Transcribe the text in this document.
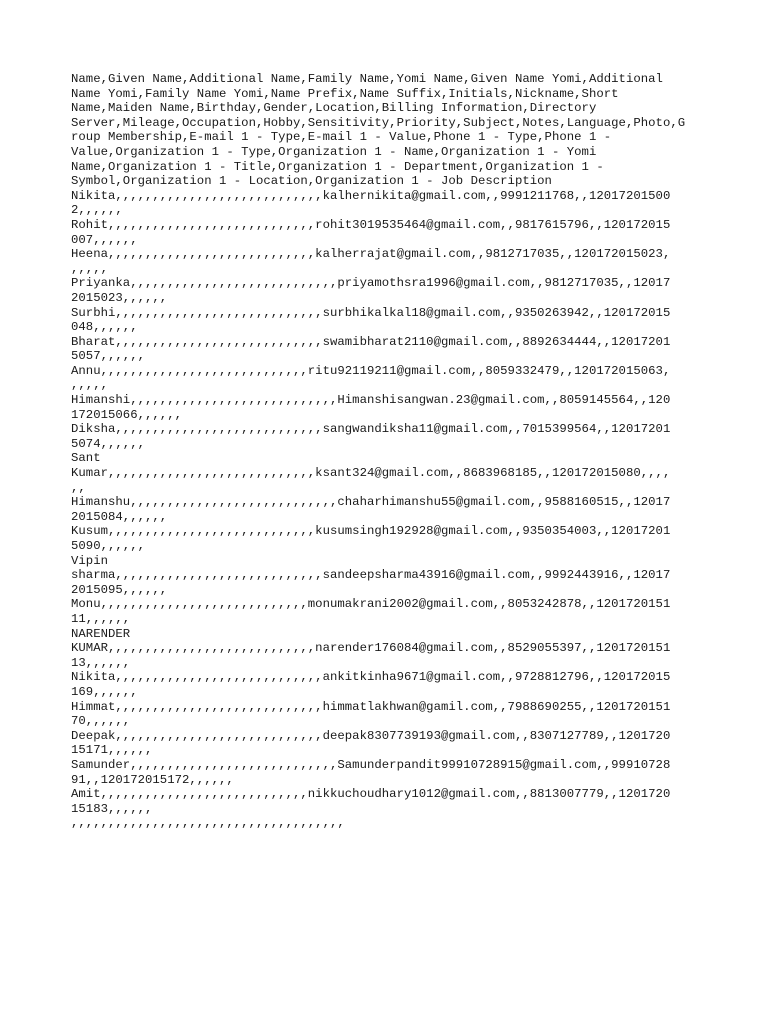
Name,Given Name,Additional Name,Family Name,Yomi Name,Given Name Yomi,Additional
Name Yomi,Family Name Yomi,Name Prefix,Name Suffix,Initials,Nickname,Short
Name,Maiden Name,Birthday,Gender,Location,Billing Information,Directory
Server,Mileage,Occupation,Hobby,Sensitivity,Priority,Subject,Notes,Language,Photo,G
roup Membership,E-mail 1 - Type,E-mail 1 - Value,Phone 1 - Type,Phone 1 -
Value,Organization 1 - Type,Organization 1 - Name,Organization 1 - Yomi
Name,Organization 1 - Title,Organization 1 - Department,Organization 1 -
Symbol,Organization 1 - Location,Organization 1 - Job Description
Nikita,,,,,,,,,,,,,,,,,,,,,,,,,,,,kalhernikita@gmail.com,,9991211768,,12017201500
2,,,,,,
Rohit,,,,,,,,,,,,,,,,,,,,,,,,,,,,rohit3019535464@gmail.com,,9817615796,,120172015
007,,,,,,
Heena,,,,,,,,,,,,,,,,,,,,,,,,,,,,kalherrajat@gmail.com,,9812717035,,120172015023,
,,,,,
Priyanka,,,,,,,,,,,,,,,,,,,,,,,,,,,,priyamothsra1996@gmail.com,,9812717035,,12017
2015023,,,,,,
Surbhi,,,,,,,,,,,,,,,,,,,,,,,,,,,,surbhikalkal18@gmail.com,,9350263942,,120172015
048,,,,,,
Bharat,,,,,,,,,,,,,,,,,,,,,,,,,,,,swamibharat2110@gmail.com,,8892634444,,12017201
5057,,,,,,
Annu,,,,,,,,,,,,,,,,,,,,,,,,,,,,ritu92119211@gmail.com,,8059332479,,120172015063,
,,,,,
Himanshi,,,,,,,,,,,,,,,,,,,,,,,,,,,,Himanshisangwan.23@gmail.com,,8059145564,,120
172015066,,,,,,
Diksha,,,,,,,,,,,,,,,,,,,,,,,,,,,,sangwandiksha11@gmail.com,,7015399564,,12017201
5074,,,,,,
Sant
Kumar,,,,,,,,,,,,,,,,,,,,,,,,,,,,ksant324@gmail.com,,8683968185,,120172015080,,,,
,,
Himanshu,,,,,,,,,,,,,,,,,,,,,,,,,,,,chaharhimanshu55@gmail.com,,9588160515,,12017
2015084,,,,,,
Kusum,,,,,,,,,,,,,,,,,,,,,,,,,,,,kusumsingh192928@gmail.com,,9350354003,,12017201
5090,,,,,,
Vipin
sharma,,,,,,,,,,,,,,,,,,,,,,,,,,,,sandeepsharma43916@gmail.com,,9992443916,,12017
2015095,,,,,,
Monu,,,,,,,,,,,,,,,,,,,,,,,,,,,,monumakrani2002@gmail.com,,8053242878,,1201720151
11,,,,,,
NARENDER
KUMAR,,,,,,,,,,,,,,,,,,,,,,,,,,,,narender176084@gmail.com,,8529055397,,1201720151
13,,,,,,
Nikita,,,,,,,,,,,,,,,,,,,,,,,,,,,,ankitkinha9671@gmail.com,,9728812796,,120172015
169,,,,,,
Himmat,,,,,,,,,,,,,,,,,,,,,,,,,,,,himmatlakhwan@gamil.com,,7988690255,,1201720151
70,,,,,,
Deepak,,,,,,,,,,,,,,,,,,,,,,,,,,,,deepak8307739193@gmail.com,,8307127789,,1201720
15171,,,,,,
Samunder,,,,,,,,,,,,,,,,,,,,,,,,,,,,Samunderpandit99910728915@gmail.com,,99910728
91,,120172015172,,,,,,
Amit,,,,,,,,,,,,,,,,,,,,,,,,,,,,nikkuchoudhary1012@gmail.com,,8813007779,,1201720
15183,,,,,,
,,,,,,,,,,,,,,,,,,,,,,,,,,,,,,,,,,,,,
